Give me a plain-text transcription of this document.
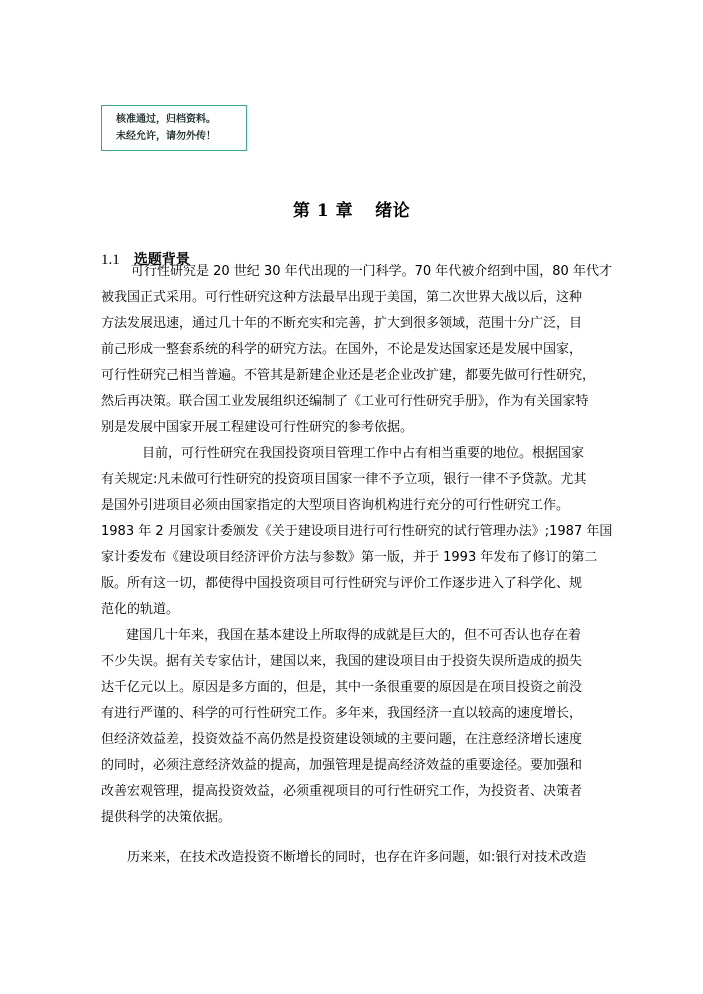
核准通过，归档资料。
未经允许，请勿外传！
第 1 章 绪论
1.1 选题背景
可行性研究是 20 世纪 30 年代出现的一门科学。70 年代被介绍到中国，80 年代才
被我国正式采用。可行性研究这种方法最早出现于美国，第二次世界大战以后，这种
方法发展迅速，通过几十年的不断充实和完善，扩大到很多领域，范围十分广泛，目
前己形成一整套系统的科学的研究方法。在国外，不论是发达国家还是发展中国家，
可行性研究己相当普遍。不管其是新建企业还是老企业改扩建，都要先做可行性研究，
然后再决策。联合国工业发展组织还编制了《工业可行性研究手册》，作为有关国家特
别是发展中国家开展工程建设可行性研究的参考依据。
目前，可行性研究在我国投资项目管理工作中占有相当重要的地位。根据国家
有关规定:凡未做可行性研究的投资项目国家一律不予立项，银行一律不予贷款。尤其
是国外引进项目必须由国家指定的大型项目咨询机构进行充分的可行性研究工作。
1983 年 2 月国家计委颁发《关于建设项目进行可行性研究的试行管理办法》;1987 年国
家计委发布《建设项目经济评价方法与参数》第一版，并于 1993 年发布了修订的第二
版。所有这一切，都使得中国投资项目可行性研究与评价工作逐步进入了科学化、规
范化的轨道。
建国几十年来，我国在基本建设上所取得的成就是巨大的，但不可否认也存在着
不少失误。据有关专家估计，建国以来，我国的建设项目由于投资失误所造成的损失
达千亿元以上。原因是多方面的，但是，其中一条很重要的原因是在项目投资之前没
有进行严谨的、科学的可行性研究工作。多年来，我国经济一直以较高的速度增长，
但经济效益差，投资效益不高仍然是投资建设领域的主要问题，在注意经济增长速度
的同时，必须注意经济效益的提高，加强管理是提高经济效益的重要途径。要加强和
改善宏观管理，提高投资效益，必须重视项目的可行性研究工作，为投资者、决策者
提供科学的决策依据。
历来来，在技术改造投资不断增长的同时，也存在许多问题，如:银行对技术改造
